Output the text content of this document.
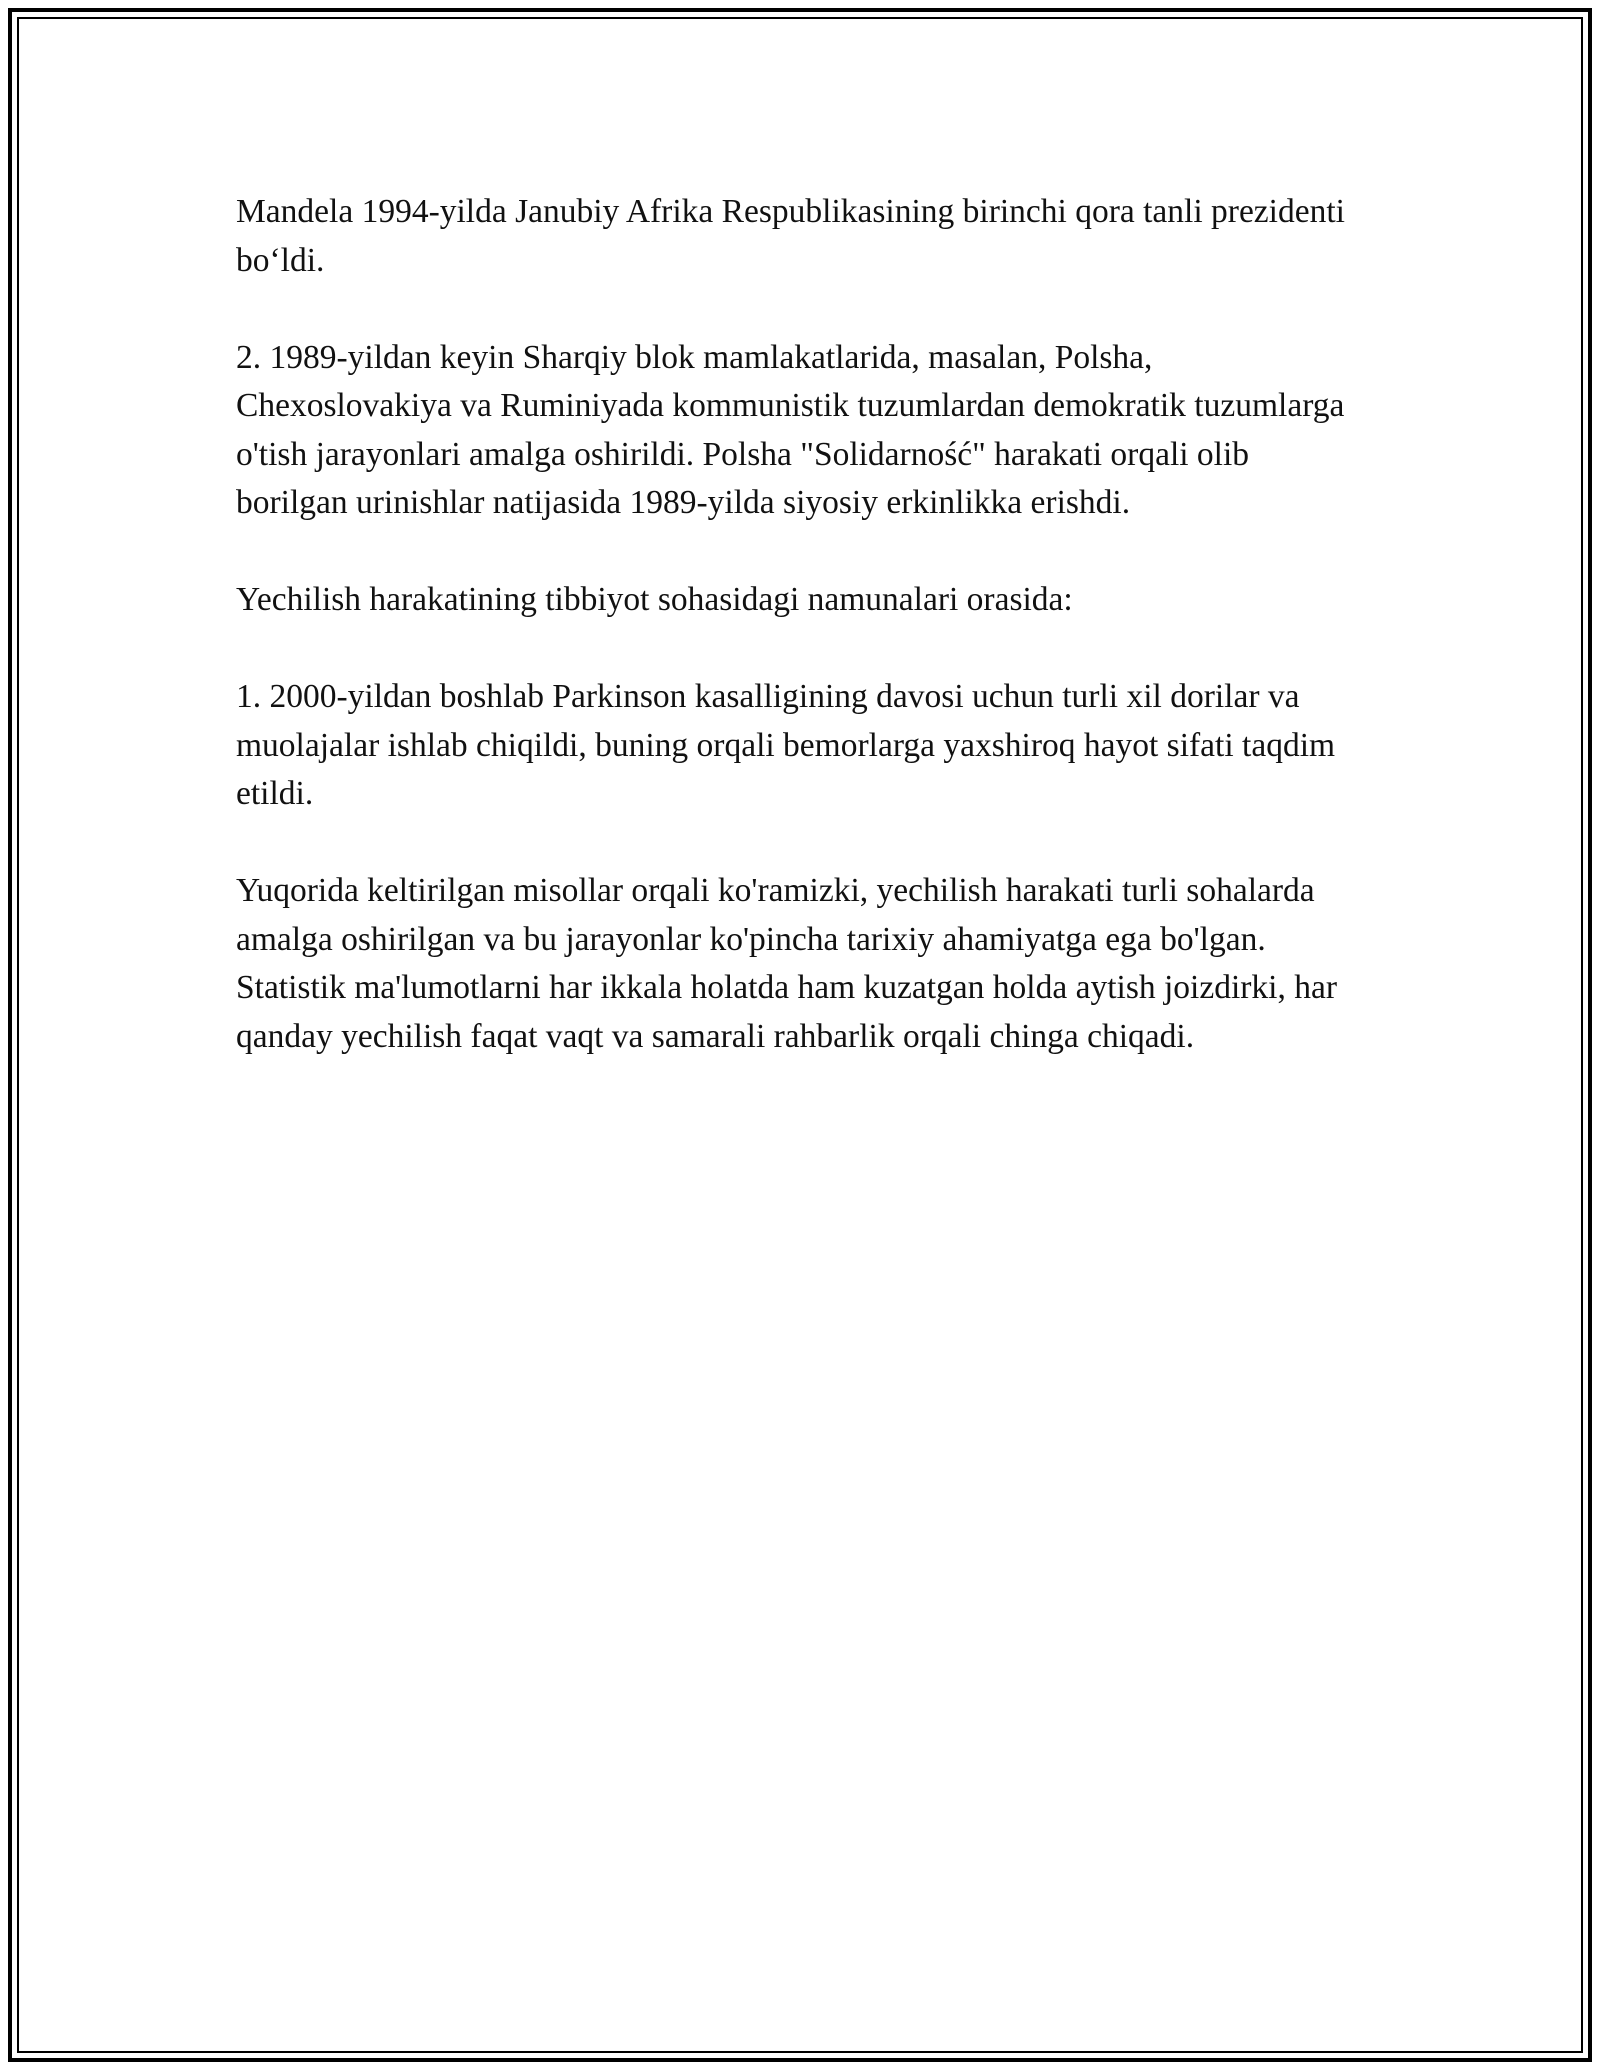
Mandela 1994-yilda Janubiy Afrika Respublikasining birinchi qora tanli prezidenti boʻldi.

2. 1989-yildan keyin Sharqiy blok mamlakatlarida, masalan, Polsha, Chexoslovakiya va Ruminiyada kommunistik tuzumlardan demokratik tuzumlarga o'tish jarayonlari amalga oshirildi. Polsha "Solidarność" harakati orqali olib borilgan urinishlar natijasida 1989-yilda siyosiy erkinlikka erishdi.

Yechilish harakatining tibbiyot sohasidagi namunalari orasida:

1. 2000-yildan boshlab Parkinson kasalligining davosi uchun turli xil dorilar va muolajalar ishlab chiqildi, buning orqali bemorlarga yaxshiroq hayot sifati taqdim etildi.

Yuqorida keltirilgan misollar orqali ko'ramizki, yechilish harakati turli sohalarda amalga oshirilgan va bu jarayonlar ko'pincha tarixiy ahamiyatga ega bo'lgan. Statistik ma'lumotlarni har ikkala holatda ham kuzatgan holda aytish joizdirki, har qanday yechilish faqat vaqt va samarali rahbarlik orqali chinga chiqadi.
